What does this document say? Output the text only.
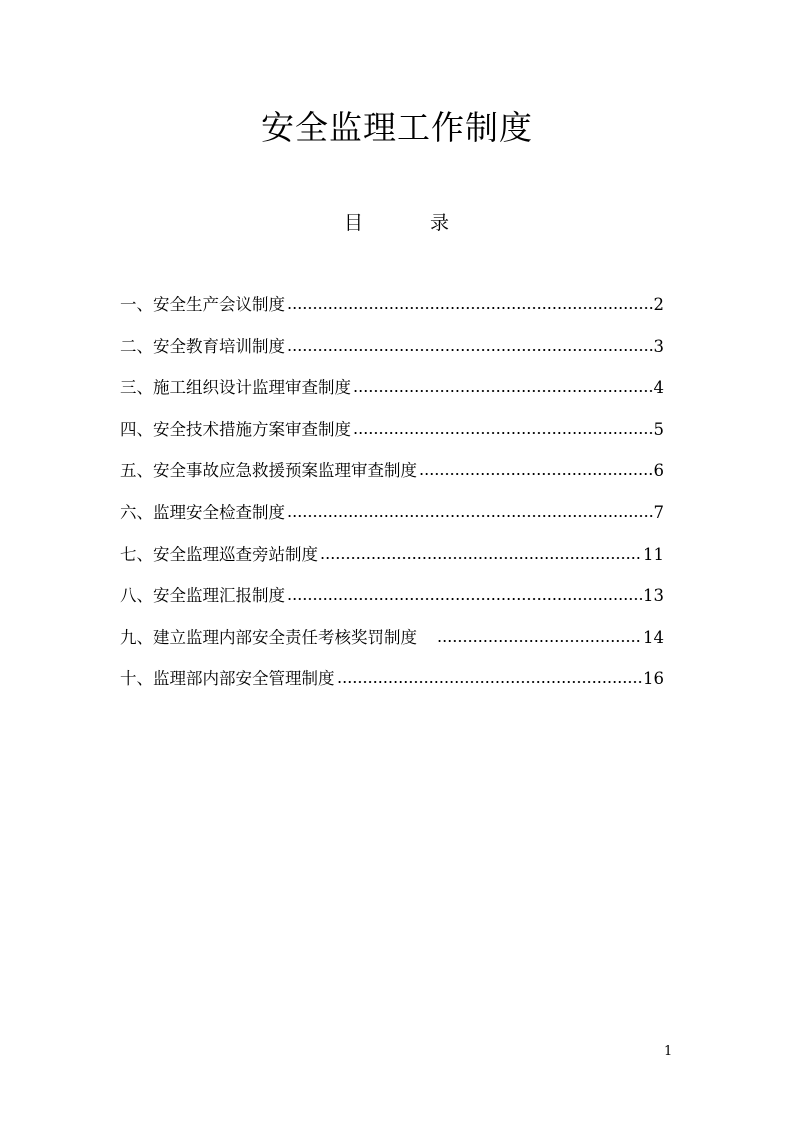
安全监理工作制度
目	录
一、安全生产会议制度	2
二、安全教育培训制度	3
三、施工组织设计监理审查制度	4
四、安全技术措施方案审查制度	5
五、安全事故应急救援预案监理审查制度	6
六、监理安全检查制度	7
七、安全监理巡查旁站制度	11
八、安全监理汇报制度	13
九、建立监理内部安全责任考核奖罚制度	14
十、监理部内部安全管理制度	16
1
